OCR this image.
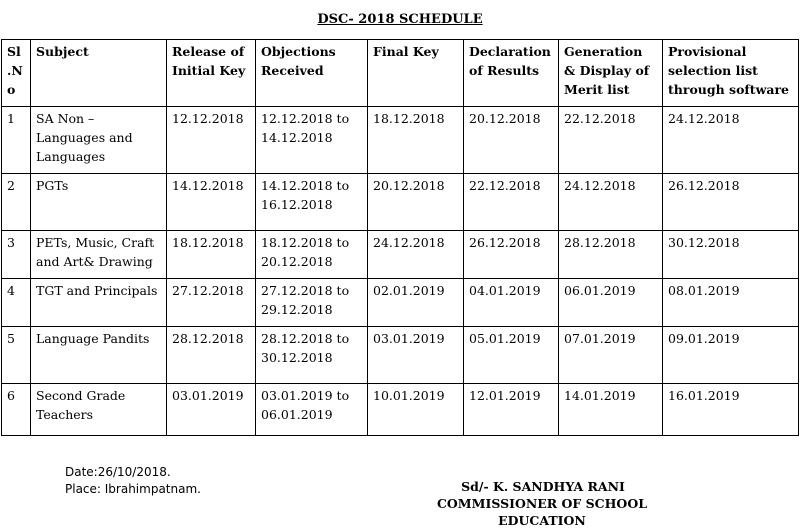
DSC- 2018 SCHEDULE
Sl
.N
o	Subject	Release of Initial Key	Objections Received	Final Key	Declaration of Results	Generation & Display of Merit list	Provisional selection list through software
1	SA Non – Languages and Languages	12.12.2018	12.12.2018 to 14.12.2018	18.12.2018	20.12.2018	22.12.2018	24.12.2018
2	PGTs	14.12.2018	14.12.2018 to 16.12.2018	20.12.2018	22.12.2018	24.12.2018	26.12.2018
3	PETs, Music, Craft and Art& Drawing	18.12.2018	18.12.2018 to 20.12.2018	24.12.2018	26.12.2018	28.12.2018	30.12.2018
4	TGT and Principals	27.12.2018	27.12.2018 to 29.12.2018	02.01.2019	04.01.2019	06.01.2019	08.01.2019
5	Language Pandits	28.12.2018	28.12.2018 to 30.12.2018	03.01.2019	05.01.2019	07.01.2019	09.01.2019
6	Second Grade Teachers	03.01.2019	03.01.2019 to 06.01.2019	10.01.2019	12.01.2019	14.01.2019	16.01.2019
Date:26/10/2018.
Place: Ibrahimpatnam.	Sd/- K. SANDHYA RANI
COMMISSIONER OF SCHOOL EDUCATION
